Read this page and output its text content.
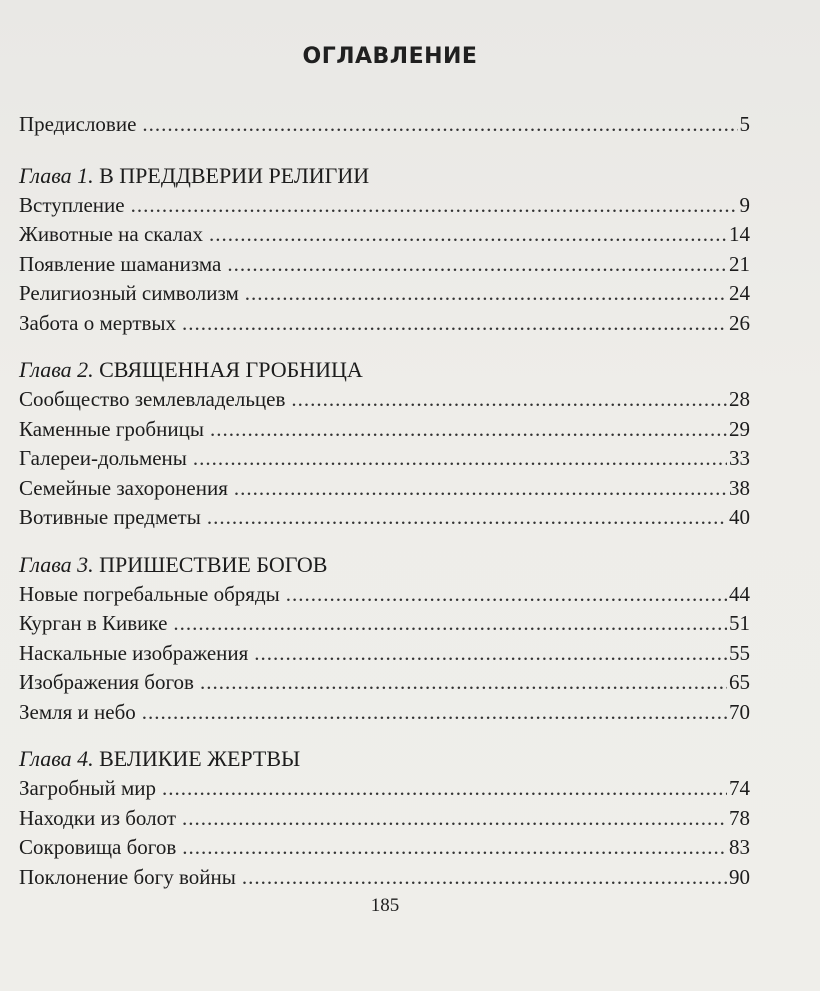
ОГЛАВЛЕНИЕ
Предисловие .....	5
Глава 1. В ПРЕДДВЕРИИ РЕЛИГИИ
Вступление .....	9
Животные на скалах .....	14
Появление шаманизма .....	21
Религиозный символизм .....	24
Забота о мертвых .....	26
Глава 2. СВЯЩЕННАЯ ГРОБНИЦА
Сообщество землевладельцев .....	28
Каменные гробницы .....	29
Галереи-дольмены .....	33
Семейные захоронения .....	38
Вотивные предметы .....	40
Глава 3. ПРИШЕСТВИЕ БОГОВ
Новые погребальные обряды .....	44
Курган в Кивике .....	51
Наскальные изображения .....	55
Изображения богов .....	65
Земля и небо .....	70
Глава 4. ВЕЛИКИЕ ЖЕРТВЫ
Загробный мир .....	74
Находки из болот .....	78
Сокровища богов .....	83
Поклонение богу войны .....	90
185
